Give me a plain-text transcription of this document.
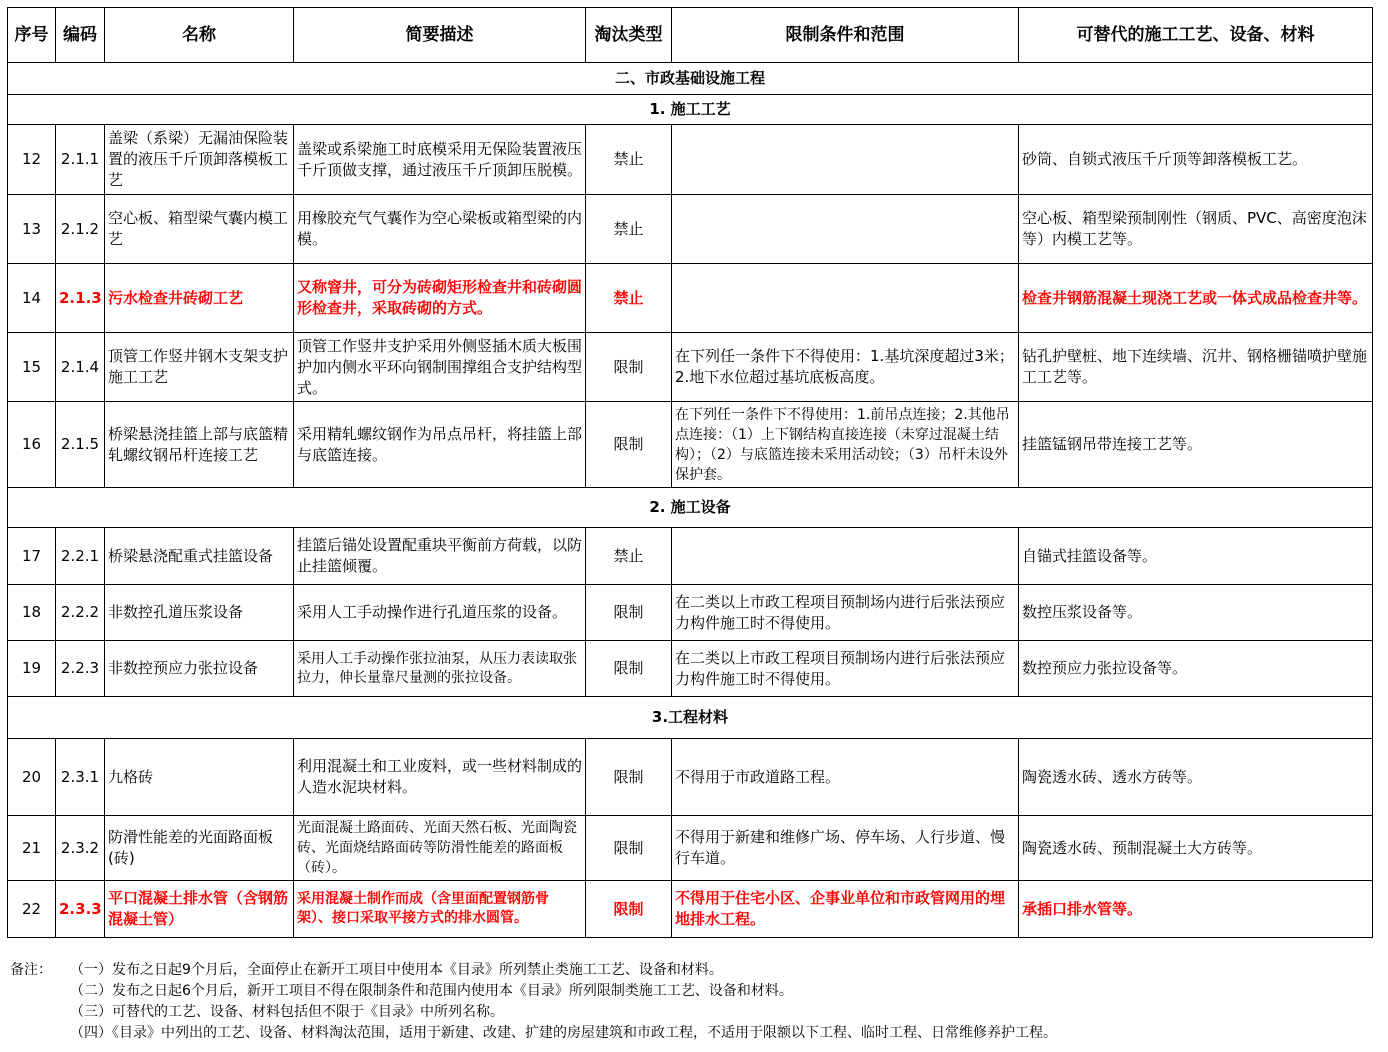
序号	编码	名称	简要描述	淘汰类型	限制条件和范围	可替代的施工工艺、设备、材料
二、市政基础设施工程						
1. 施工工艺						
12	2.1.1	盖梁（系梁）无漏油保险装置的液压千斤顶卸落模板工艺	盖梁或系梁施工时底模采用无保险装置液压千斤顶做支撑，通过液压千斤顶卸压脱模。	禁止		砂筒、自锁式液压千斤顶等卸落模板工艺。
13	2.1.2	空心板、箱型梁气囊内模工艺	用橡胶充气气囊作为空心梁板或箱型梁的内模。	禁止		空心板、箱型梁预制刚性（钢质、PVC、高密度泡沫等）内模工艺等。
14	2.1.3	污水检查井砖砌工艺	又称窨井，可分为砖砌矩形检查井和砖砌圆形检查井，采取砖砌的方式。	禁止		检查井钢筋混凝土现浇工艺或一体式成品检查井等。
15	2.1.4	顶管工作竖井钢木支架支护施工工艺	顶管工作竖井支护采用外侧竖插木质大板围护加内侧水平环向钢制围撑组合支护结构型式。	限制	在下列任一条件下不得使用：1.基坑深度超过3米；2.地下水位超过基坑底板高度。	钻孔护壁桩、地下连续墙、沉井、钢格栅锚喷护壁施工工艺等。
16	2.1.5	桥梁悬浇挂篮上部与底篮精轧螺纹钢吊杆连接工艺	采用精轧螺纹钢作为吊点吊杆，将挂篮上部与底篮连接。	限制	在下列任一条件下不得使用：1.前吊点连接；2.其他吊点连接：（1）上下钢结构直接连接（未穿过混凝土结构）；（2）与底篮连接未采用活动铰；（3）吊杆未设外保护套。	挂篮锰钢吊带连接工艺等。
2. 施工设备						
17	2.2.1	桥梁悬浇配重式挂篮设备	挂篮后锚处设置配重块平衡前方荷载，以防止挂篮倾覆。	禁止		自锚式挂篮设备等。
18	2.2.2	非数控孔道压浆设备	采用人工手动操作进行孔道压浆的设备。	限制	在二类以上市政工程项目预制场内进行后张法预应力构件施工时不得使用。	数控压浆设备等。
19	2.2.3	非数控预应力张拉设备	采用人工手动操作张拉油泵，从压力表读取张拉力，伸长量靠尺量测的张拉设备。	限制	在二类以上市政工程项目预制场内进行后张法预应力构件施工时不得使用。	数控预应力张拉设备等。
3.工程材料						
20	2.3.1	九格砖	利用混凝土和工业废料，或一些材料制成的人造水泥块材料。	限制	不得用于市政道路工程。	陶瓷透水砖、透水方砖等。
21	2.3.2	防滑性能差的光面路面板(砖)	光面混凝土路面砖、光面天然石板、光面陶瓷砖、光面烧结路面砖等防滑性能差的路面板（砖）。	限制	不得用于新建和维修广场、停车场、人行步道、慢行车道。	陶瓷透水砖、预制混凝土大方砖等。
22	2.3.3	平口混凝土排水管（含钢筋混凝土管）	采用混凝土制作而成（含里面配置钢筋骨架）、接口采取平接方式的排水圆管。	限制	不得用于住宅小区、企事业单位和市政管网用的埋地排水工程。	承插口排水管等。
备注：	（一）发布之日起9个月后，全面停止在新开工项目中使用本《目录》所列禁止类施工工艺、设备和材料。
（二）发布之日起6个月后，新开工项目不得在限制条件和范围内使用本《目录》所列限制类施工工艺、设备和材料。
（三）可替代的工艺、设备、材料包括但不限于《目录》中所列名称。
（四）《目录》中列出的工艺、设备、材料淘汰范围，适用于新建、改建、扩建的房屋建筑和市政工程，不适用于限额以下工程、临时工程、日常维修养护工程。
